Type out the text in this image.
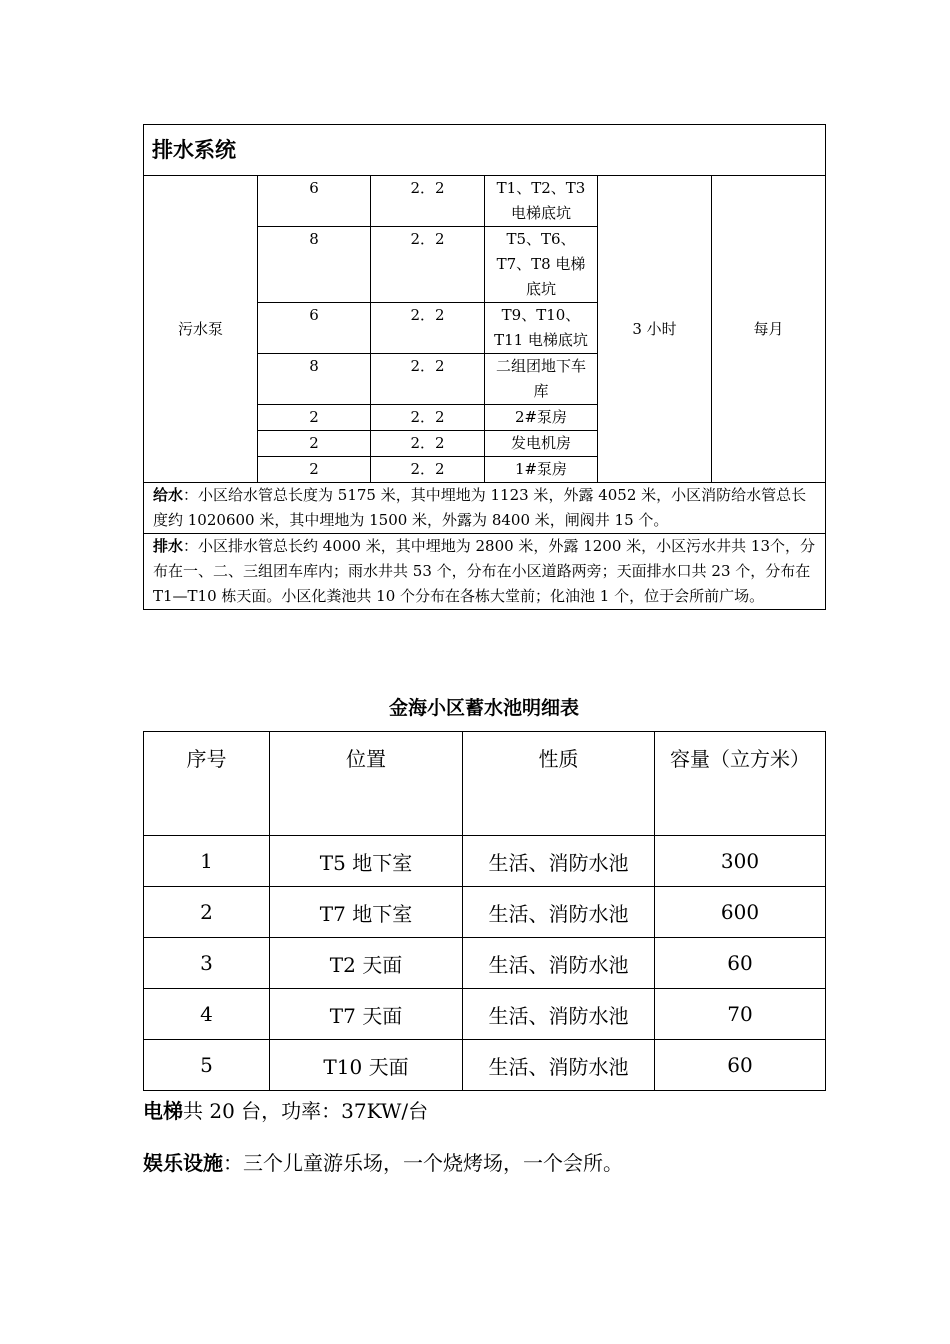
排水系统					
污水泵	6	2．2	T1、T2、T3电梯底坑	3 小时	每月
	8	2．2	T5、T6、T7、T8 电梯底坑		
	6	2．2	T9、T10、T11 电梯底坑		
	8	2．2	二组团地下车库		
	2	2．2	2#泵房		
	2	2．2	发电机房		
	2	2．2	1#泵房		
给水：小区给水管总长度为 5175 米，其中埋地为 1123 米，外露 4052 米，小区消防给水管总长度约 1020600 米，其中埋地为 1500 米，外露为 8400 米，闸阀井 15 个。					
排水：小区排水管总长约 4000 米，其中埋地为 2800 米，外露 1200 米，小区污水井共 13个，分布在一、二、三组团车库内；雨水井共 53 个，分布在小区道路两旁；天面排水口共 23 个，分布在 T1—T10 栋天面。小区化粪池共 10 个分布在各栋大堂前；化油池 1 个，位于会所前广场。					
金海小区蓄水池明细表
序号	位置	性质	容量（立方米）
1	T5 地下室	生活、消防水池	300
2	T7 地下室	生活、消防水池	600
3	T2 天面	生活、消防水池	60
4	T7 天面	生活、消防水池	70
5	T10 天面	生活、消防水池	60
电梯共 20 台，功率：37KW/台
娱乐设施：三个儿童游乐场，一个烧烤场，一个会所。
